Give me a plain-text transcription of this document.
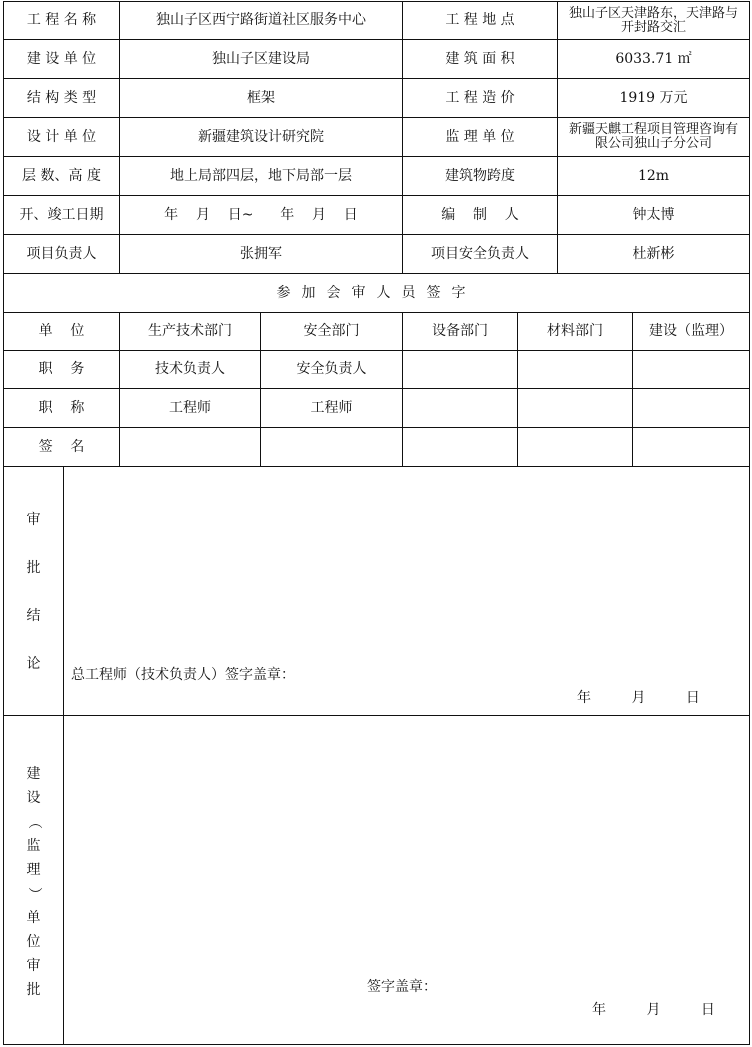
工 程 名 称	独山子区西宁路街道社区服务中心	工 程 地 点	独山子区天津路东，天津路与开封路交汇
建 设 单 位	独山子区建设局	建 筑 面 积	6033.71 ㎡
结 构 类 型	框架	工 程 造 价	1919 万元
设 计 单 位	新疆建筑设计研究院	监 理 单 位	新疆天麒工程项目管理咨询有限公司独山子分公司
层 数、高 度	地上局部四层，地下局部一层	建筑物跨度	12m
开、竣工日期	年    月    日~      年    月    日	编    制    人	钟太博
项目负责人	张拥军	项目安全负责人	杜新彬
参加会审人员签字
单    位	生产技术部门	安全部门	设备部门	材料部门	建设（监理）
职    务	技术负责人	安全负责人
职    称	工程师	工程师
签    名
审
批
结
论
总工程师（技术负责人）签字盖章：
年	月	日
建
设
（
监
理
）
单
位
审
批	签字盖章：
年	月	日
